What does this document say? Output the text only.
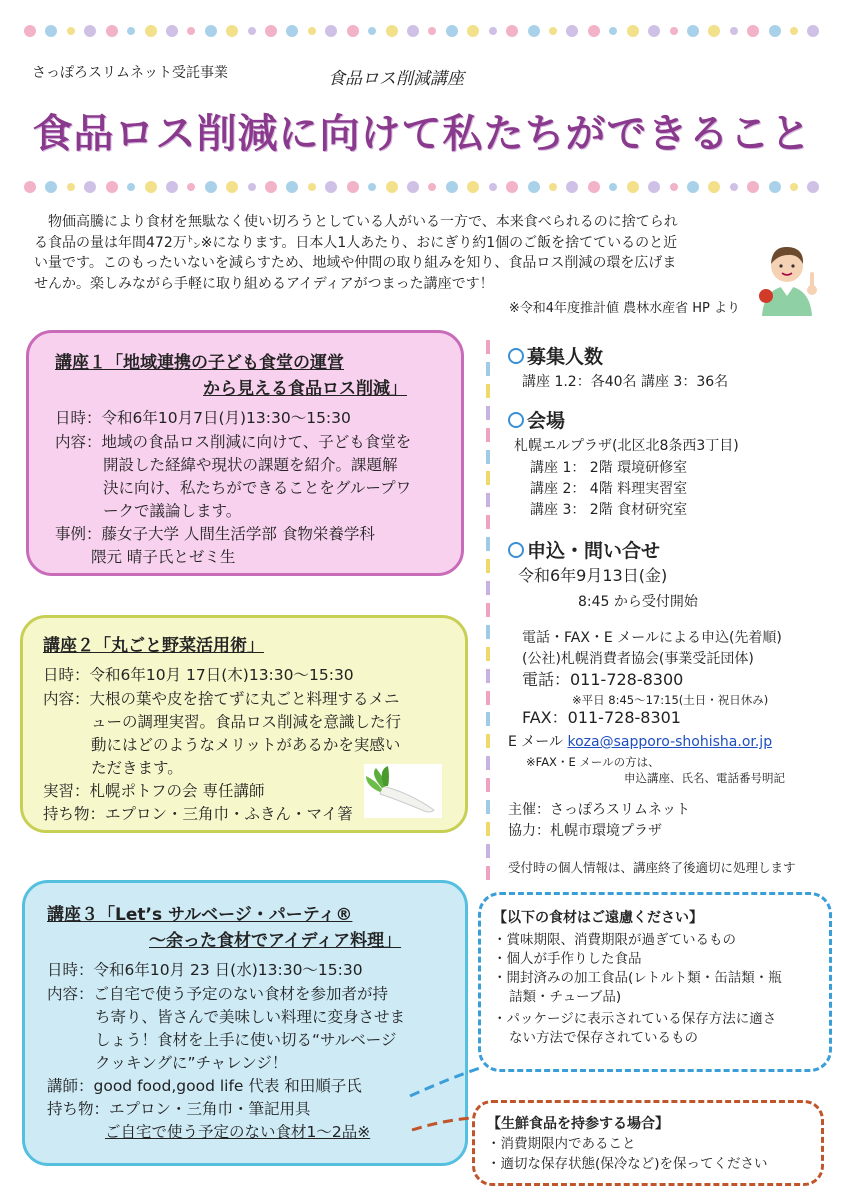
さっぽろスリムネット受託事業	食品ロス削減講座
食品ロス削減に向けて私たちができること
物価高騰により食材を無駄なく使い切ろうとしている人がいる一方で、本来食べられるのに捨てられ
る食品の量は年間472万㌧※になります。日本人1人あたり、おにぎり約1個のご飯を捨てているのと近
い量です。このもったいないを減らすため、地域や仲間の取り組みを知り、食品ロス削減の環を広げま
せんか。楽しみながら手軽に取り組めるアイディアがつまった講座です！
※令和4年度推計値 農林水産省 HP より
講座１「地域連携の子ども食堂の運営
から見える食品ロス削減」
日時：令和6年10月7日(月)13:30～15:30
内容：地域の食品ロス削減に向けて、子ども食堂を
開設した経緯や現状の課題を紹介。課題解
決に向け、私たちができることをグループワ
ークで議論します。
事例：藤女子大学 人間生活学部 食物栄養学科
隈元 晴子氏とゼミ生
講座２「丸ごと野菜活用術」
日時：令和6年10月 17日(木)13:30～15:30
内容：大根の葉や皮を捨てずに丸ごと料理するメニ
ューの調理実習。食品ロス削減を意識した行
動にはどのようなメリットがあるかを実感い
ただきます。
実習：札幌ポトフの会 専任講師
持ち物：エプロン・三角巾・ふきん・マイ箸
講座３「Let’s サルベージ・パーティ®
～余った食材でアイディア料理」
日時：令和6年10月 23 日(水)13:30～15:30
内容：ご自宅で使う予定のない食材を参加者が持
ち寄り、皆さんで美味しい料理に変身させま
しょう！食材を上手に使い切る“サルベージ
クッキングに”チャレンジ！
講師：good food,good life 代表 和田順子氏
持ち物：エプロン・三角巾・筆記用具
ご自宅で使う予定のない食材1～2品※
募集人数
講座 1.2：各40名 講座 3：36名
会場
札幌エルプラザ(北区北8条西3丁目)
講座 1： 2階 環境研修室
講座 2： 4階 料理実習室
講座 3： 2階 食材研究室
申込・問い合せ
令和6年9月13日(金)
8:45 から受付開始
電話・FAX・E メールによる申込(先着順)
(公社)札幌消費者協会(事業受託団体)
電話：011-728-8300
※平日 8:45～17:15(土日・祝日休み)
FAX：011-728-8301
E メール koza@sapporo-shohisha.or.jp
※FAX・E メールの方は、
申込講座、氏名、電話番号明記
主催：さっぽろスリムネット
協力：札幌市環境プラザ
受付時の個人情報は、講座終了後適切に処理します
【以下の食材はご遠慮ください】
・賞味期限、消費期限が過ぎているもの
・個人が手作りした食品
・開封済みの加工食品(レトルト類・缶詰類・瓶
詰類・チューブ品)
・パッケージに表示されている保存方法に適さ
ない方法で保存されているもの
【生鮮食品を持参する場合】
・消費期限内であること
・適切な保存状態(保冷など)を保ってください
